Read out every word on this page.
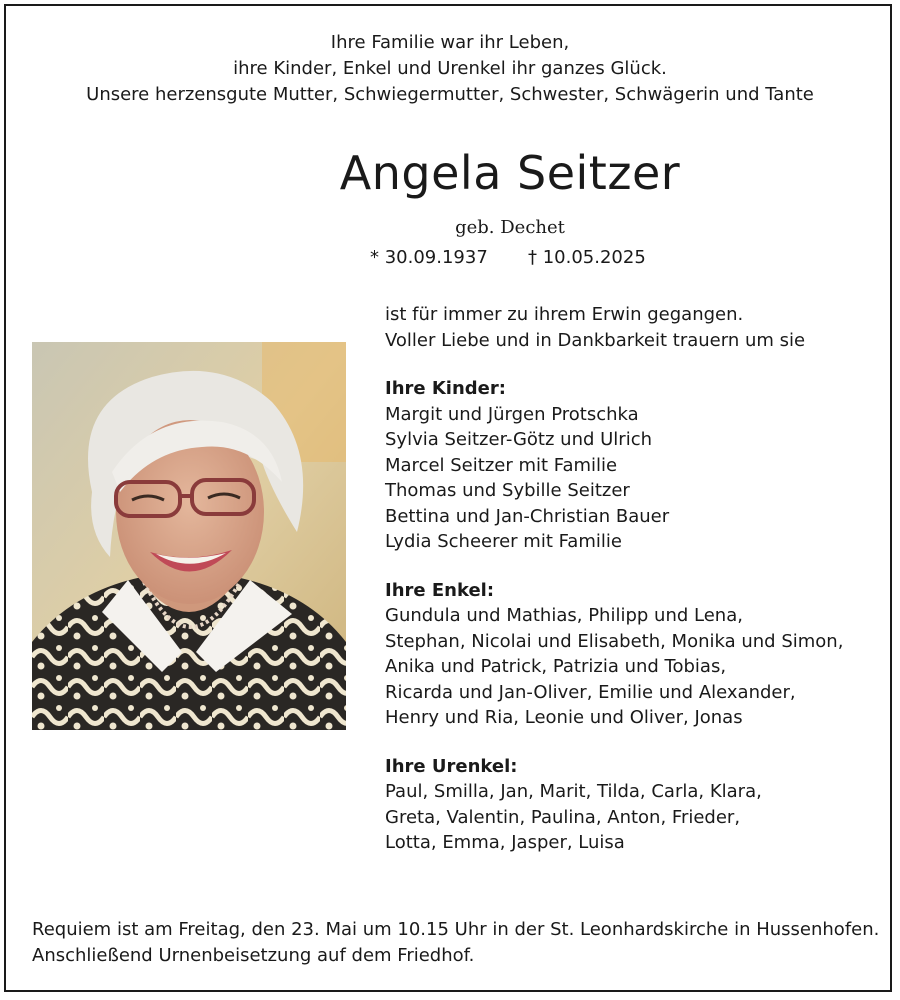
Ihre Familie war ihr Leben,
ihre Kinder, Enkel und Urenkel ihr ganzes Glück.
Unsere herzensgute Mutter, Schwiegermutter, Schwester, Schwägerin und Tante
Angela Seitzer
geb. Dechet
* 30.09.1937 † 10.05.2025
ist für immer zu ihrem Erwin gegangen.
Voller Liebe und in Dankbarkeit trauern um sie
Ihre Kinder:
Margit und Jürgen Protschka
Sylvia Seitzer-Götz und Ulrich
Marcel Seitzer mit Familie
Thomas und Sybille Seitzer
Bettina und Jan-Christian Bauer
Lydia Scheerer mit Familie
Ihre Enkel:
Gundula und Mathias, Philipp und Lena,
Stephan, Nicolai und Elisabeth, Monika und Simon,
Anika und Patrick, Patrizia und Tobias,
Ricarda und Jan-Oliver, Emilie und Alexander,
Henry und Ria, Leonie und Oliver, Jonas
Ihre Urenkel:
Paul, Smilla, Jan, Marit, Tilda, Carla, Klara,
Greta, Valentin, Paulina, Anton, Frieder,
Lotta, Emma, Jasper, Luisa
Requiem ist am Freitag, den 23. Mai um 10.15 Uhr in der St. Leonhardskirche in Hussenhofen.
Anschließend Urnenbeisetzung auf dem Friedhof.
